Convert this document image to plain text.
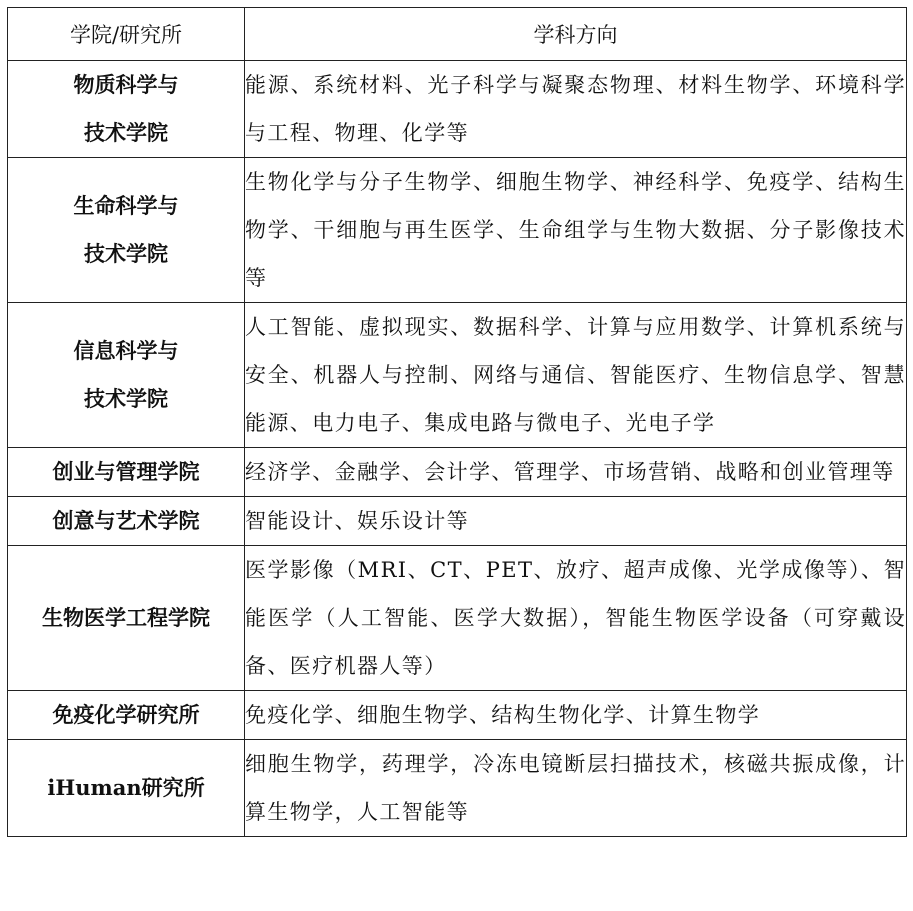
学院/研究所	学科方向

物质科学与
技术学院	能源、系统材料、光子科学与凝聚态物理、材料生物学、环境科学与工程、物理、化学等

生命科学与
技术学院	生物化学与分子生物学、细胞生物学、神经科学、免疫学、结构生物学、干细胞与再生医学、生命组学与生物大数据、分子影像技术等

信息科学与
技术学院	人工智能、虚拟现实、数据科学、计算与应用数学、计算机系统与安全、机器人与控制、网络与通信、智能医疗、生物信息学、智慧能源、电力电子、集成电路与微电子、光电子学

创业与管理学院	经济学、金融学、会计学、管理学、市场营销、战略和创业管理等

创意与艺术学院	智能设计、娱乐设计等

生物医学工程学院	医学影像（MRI、CT、PET、放疗、超声成像、光学成像等）、智能医学（人工智能、医学大数据），智能生物医学设备（可穿戴设备、医疗机器人等）

免疫化学研究所	免疫化学、细胞生物学、结构生物化学、计算生物学

iHuman研究所	细胞生物学，药理学，冷冻电镜断层扫描技术，核磁共振成像，计算生物学，人工智能等
